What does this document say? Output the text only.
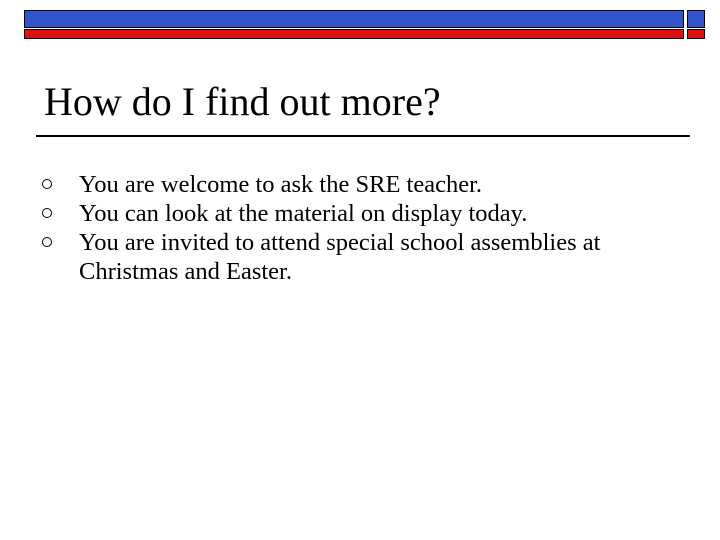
How do I find out more?
You are welcome to ask the SRE teacher.
You can look at the material on display today.
You are invited to attend special school assemblies at Christmas and Easter.
